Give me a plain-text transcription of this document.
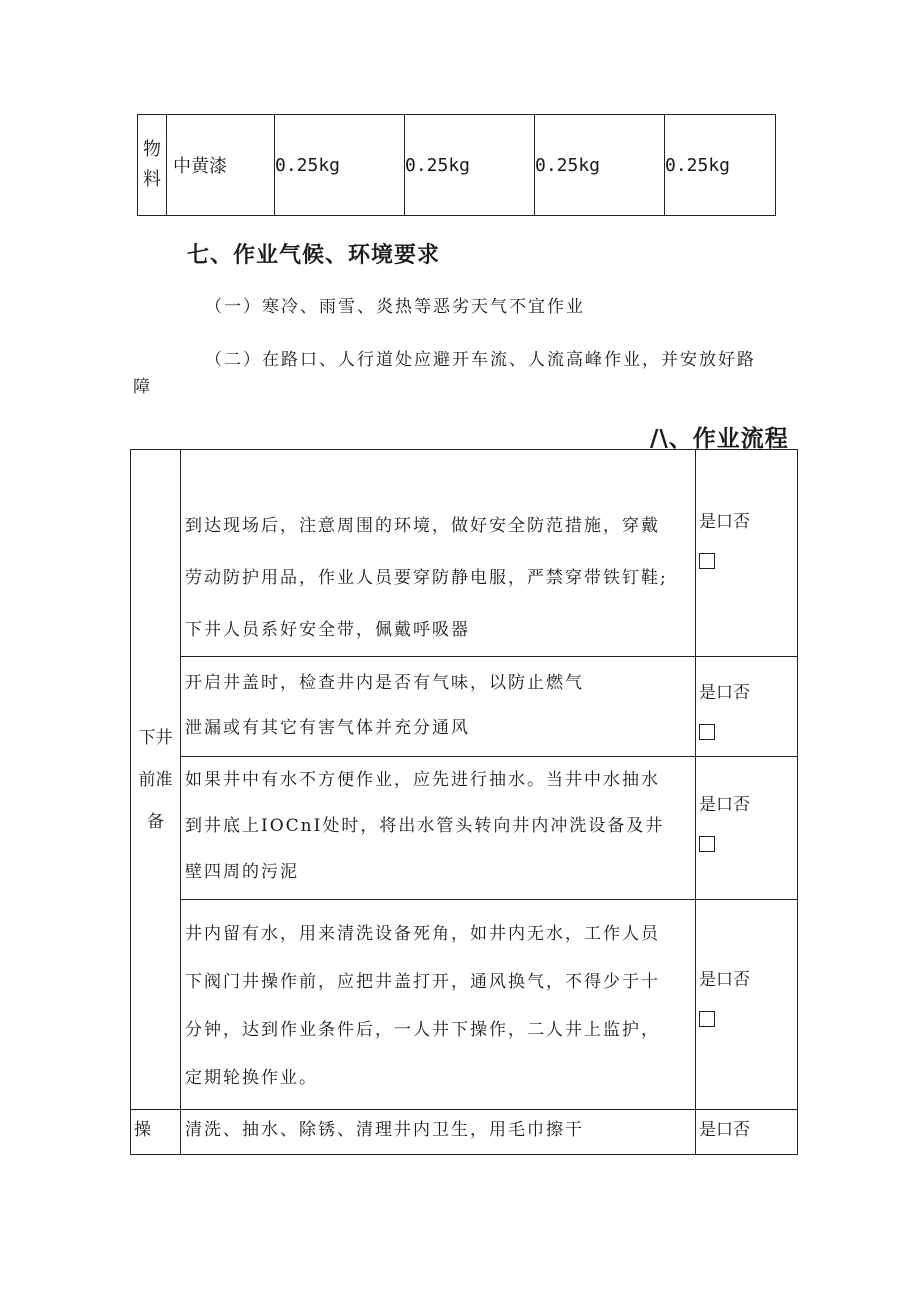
物
料
	中黄漆	0.25kg	0.25kg	0.25kg	0.25kg
七、作业气候、环境要求
（一）寒冷、雨雪、炎热等恶劣天气不宜作业
（二）在路口、人行道处应避开车流、人流高峰作业，并安放好路
障
/\、作业流程
下井前准备	到达现场后，注意周围的环境，做好安全防范措施，穿戴
劳动防护用品，作业人员要穿防静电服，严禁穿带铁钉鞋;
下井人员系好安全带，佩戴呼吸器	是口否

	开启井盖时，检查井内是否有气味，以防止燃气
泄漏或有其它有害气体并充分通风	是口否

	如果井中有水不方便作业，应先进行抽水。当井中水抽水
到井底上IOCnI处时，将出水管头转向井内冲洗设备及井
壁四周的污泥	是口否

	井内留有水，用来清洗设备死角，如井内无水，工作人员
下阀门井操作前，应把井盖打开，通风换气，不得少于十
分钟，达到作业条件后，一人井下操作，二人井上监护，
定期轮换作业。	是口否

操	清洗、抽水、除锈、清理井内卫生，用毛巾擦干	是口否
